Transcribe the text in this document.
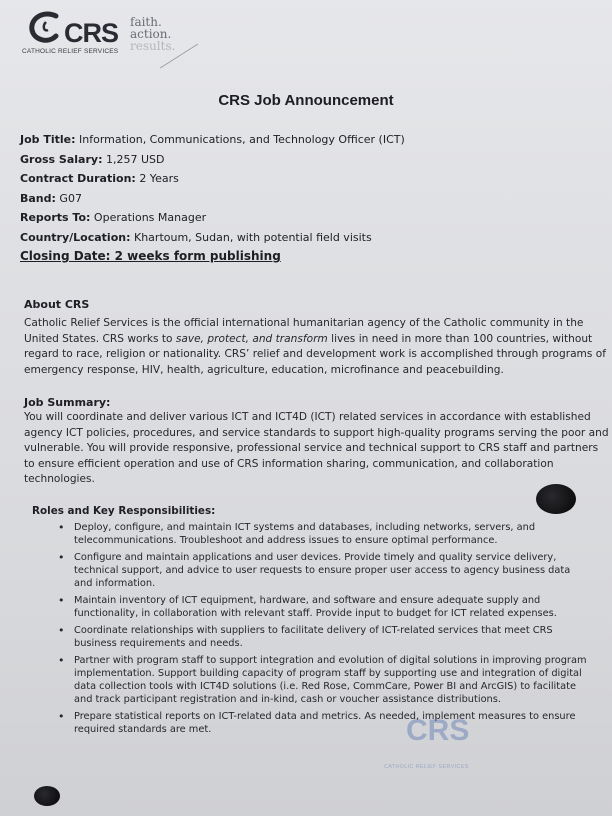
CRS faith.
action.
results.
CATHOLIC RELIEF SERVICES
CRS Job Announcement
Job Title: Information, Communications, and Technology Officer (ICT)
Gross Salary: 1,257 USD
Contract Duration: 2 Years
Band: G07
Reports To: Operations Manager
Country/Location: Khartoum, Sudan, with potential field visits
Closing Date: 2 weeks form publishing
About CRS
Catholic Relief Services is the official international humanitarian agency of the Catholic community in the United States. CRS works to save, protect, and transform lives in need in more than 100 countries, without regard to race, religion or nationality. CRS’ relief and development work is accomplished through programs of emergency response, HIV, health, agriculture, education, microfinance and peacebuilding.
Job Summary:
You will coordinate and deliver various ICT and ICT4D (ICT) related services in accordance with established agency ICT policies, procedures, and service standards to support high-quality programs serving the poor and vulnerable. You will provide responsive, professional service and technical support to CRS staff and partners to ensure efficient operation and use of CRS information sharing, communication, and collaboration technologies.
Roles and Key Responsibilities:
• Deploy, configure, and maintain ICT systems and databases, including networks, servers, and telecommunications. Troubleshoot and address issues to ensure optimal performance.
• Configure and maintain applications and user devices. Provide timely and quality service delivery, technical support, and advice to user requests to ensure proper user access to agency business data and information.
• Maintain inventory of ICT equipment, hardware, and software and ensure adequate supply and functionality, in collaboration with relevant staff. Provide input to budget for ICT related expenses.
• Coordinate relationships with suppliers to facilitate delivery of ICT-related services that meet CRS business requirements and needs.
• Partner with program staff to support integration and evolution of digital solutions in improving program implementation. Support building capacity of program staff by supporting use and integration of digital data collection tools with ICT4D solutions (i.e. Red Rose, CommCare, Power BI and ArcGIS) to facilitate and track participant registration and in-kind, cash or voucher assistance distributions.
• Prepare statistical reports on ICT-related data and metrics. As needed, implement measures to ensure required standards are met.	CRS
CATHOLIC RELIEF SERVICES
